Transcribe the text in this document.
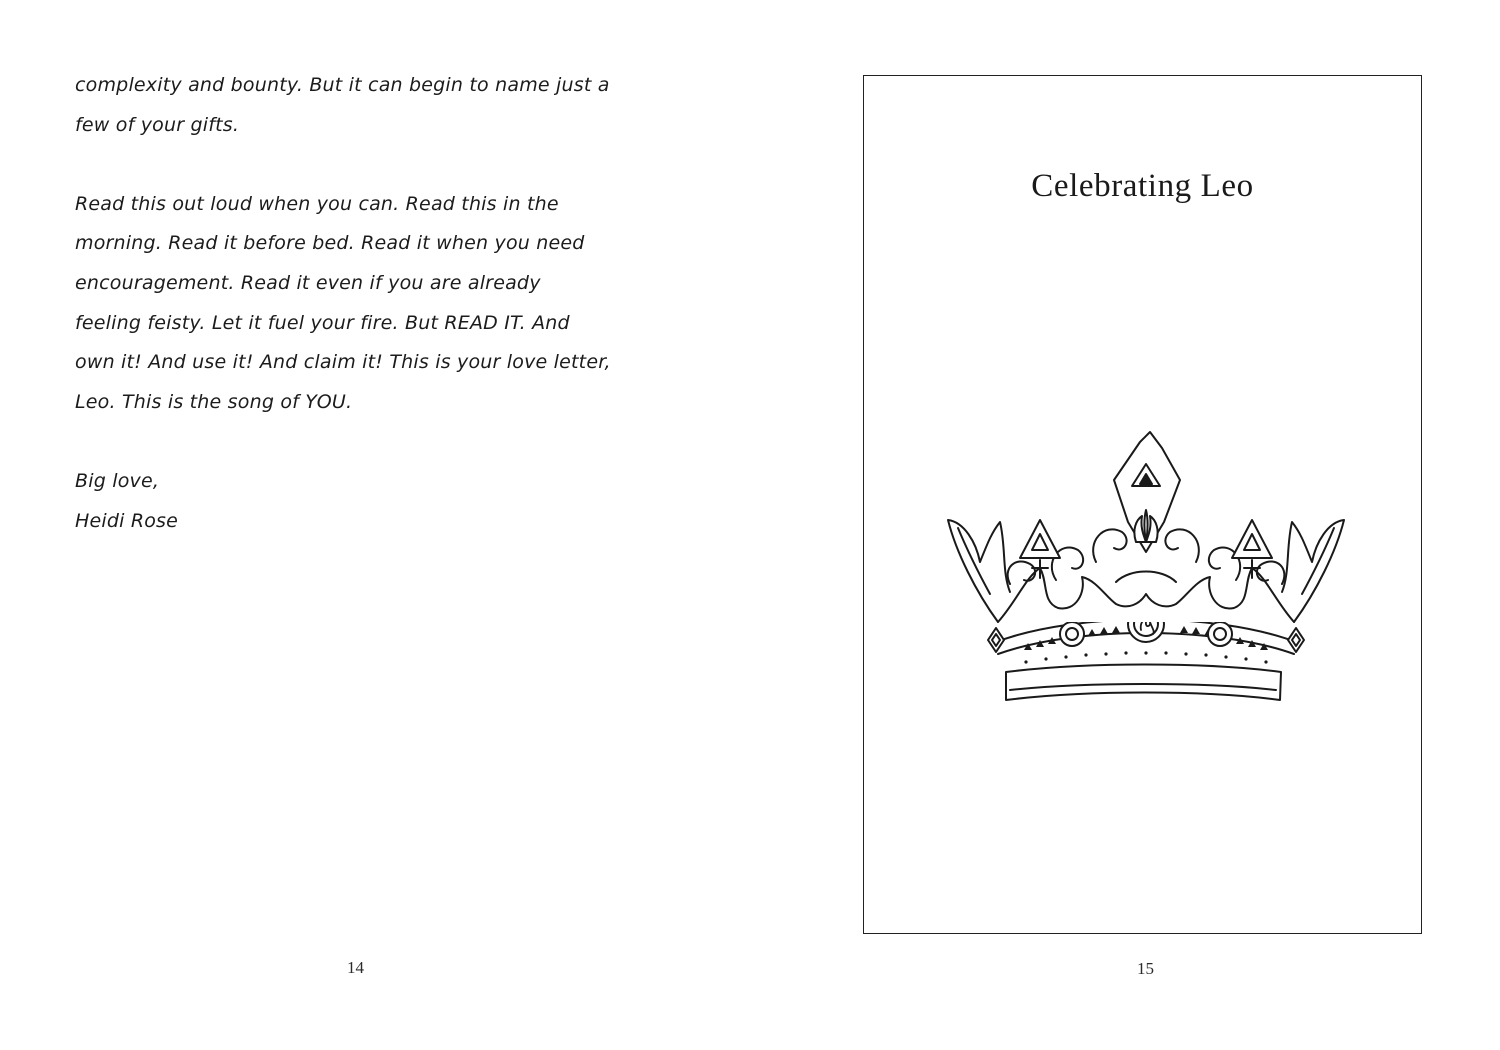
complexity and bounty. But it can begin to name just a
few of your gifts.
Read this out loud when you can. Read this in the
morning. Read it before bed. Read it when you need
encouragement. Read it even if you are already
feeling feisty. Let it fuel your fire. But READ IT. And
own it! And use it! And claim it! This is your love letter,
Leo. This is the song of YOU.
Big love,
Heidi Rose
14
Celebrating Leo
15
